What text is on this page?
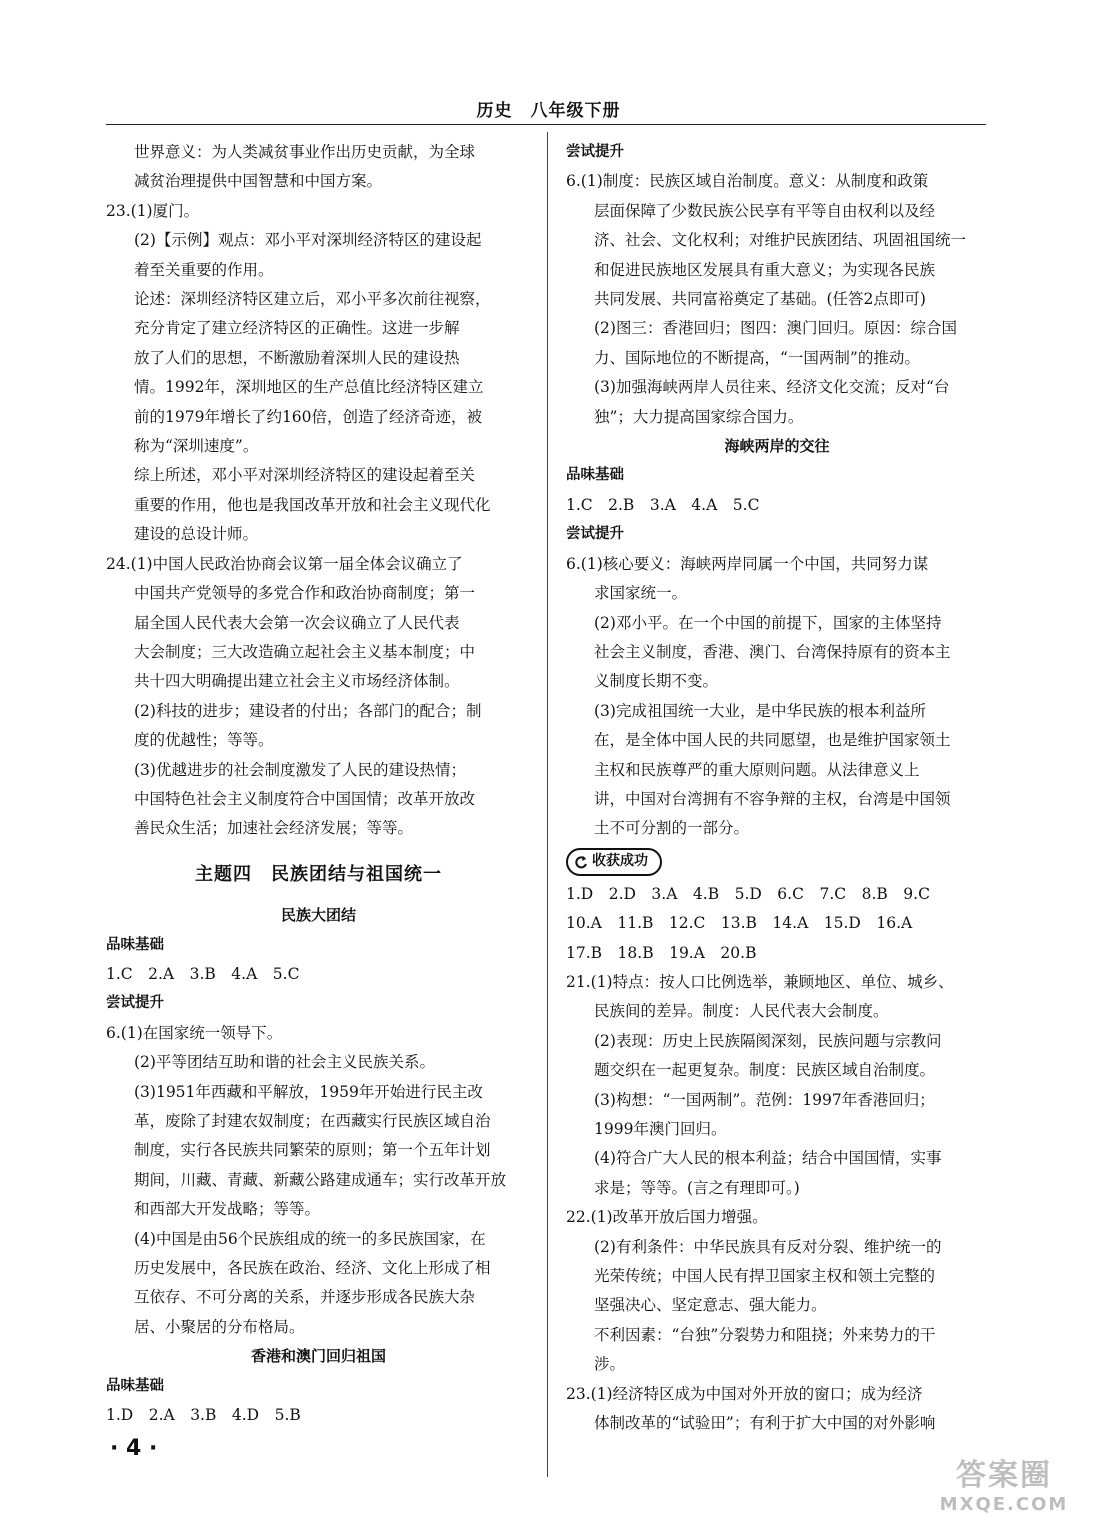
历史　八年级下册

世界意义：为人类减贫事业作出历史贡献，为全球

减贫治理提供中国智慧和中国方案。

23.(1)厦门。

(2)【示例】观点：邓小平对深圳经济特区的建设起

着至关重要的作用。

论述：深圳经济特区建立后，邓小平多次前往视察，

充分肯定了建立经济特区的正确性。这进一步解

放了人们的思想，不断激励着深圳人民的建设热

情。1992年，深圳地区的生产总值比经济特区建立

前的1979年增长了约160倍，创造了经济奇迹，被

称为“深圳速度”。

综上所述，邓小平对深圳经济特区的建设起着至关

重要的作用，他也是我国改革开放和社会主义现代化

建设的总设计师。

24.(1)中国人民政治协商会议第一届全体会议确立了

中国共产党领导的多党合作和政治协商制度；第一

届全国人民代表大会第一次会议确立了人民代表

大会制度；三大改造确立起社会主义基本制度；中

共十四大明确提出建立社会主义市场经济体制。

(2)科技的进步；建设者的付出；各部门的配合；制

度的优越性；等等。

(3)优越进步的社会制度激发了人民的建设热情；

中国特色社会主义制度符合中国国情；改革开放改

善民众生活；加速社会经济发展；等等。

主题四　民族团结与祖国统一

民族大团结

品味基础

1.C　2.A　3.B　4.A　5.C

尝试提升

6.(1)在国家统一领导下。

(2)平等团结互助和谐的社会主义民族关系。

(3)1951年西藏和平解放，1959年开始进行民主改

革，废除了封建农奴制度；在西藏实行民族区域自治

制度，实行各民族共同繁荣的原则；第一个五年计划

期间，川藏、青藏、新藏公路建成通车；实行改革开放

和西部大开发战略；等等。

(4)中国是由56个民族组成的统一的多民族国家，在

历史发展中，各民族在政治、经济、文化上形成了相

互依存、不可分离的关系，并逐步形成各民族大杂

居、小聚居的分布格局。

香港和澳门回归祖国

品味基础

1.D　2.A　3.B　4.D　5.B

尝试提升

6.(1)制度：民族区域自治制度。意义：从制度和政策

层面保障了少数民族公民享有平等自由权利以及经

济、社会、文化权利；对维护民族团结、巩固祖国统一

和促进民族地区发展具有重大意义；为实现各民族

共同发展、共同富裕奠定了基础。(任答2点即可)

(2)图三：香港回归；图四：澳门回归。原因：综合国

力、国际地位的不断提高，“一国两制”的推动。

(3)加强海峡两岸人员往来、经济文化交流；反对“台

独”；大力提高国家综合国力。

海峡两岸的交往

品味基础

1.C　2.B　3.A　4.A　5.C

尝试提升

6.(1)核心要义：海峡两岸同属一个中国，共同努力谋

求国家统一。

(2)邓小平。在一个中国的前提下，国家的主体坚持

社会主义制度，香港、澳门、台湾保持原有的资本主

义制度长期不变。

(3)完成祖国统一大业，是中华民族的根本利益所

在，是全体中国人民的共同愿望，也是维护国家领土

主权和民族尊严的重大原则问题。从法律意义上

讲，中国对台湾拥有不容争辩的主权，台湾是中国领

土不可分割的一部分。

收获成功

1.D　2.D　3.A　4.B　5.D　6.C　7.C　8.B　9.C

10.A　11.B　12.C　13.B　14.A　15.D　16.A

17.B　18.B　19.A　20.B

21.(1)特点：按人口比例选举，兼顾地区、单位、城乡、

民族间的差异。制度：人民代表大会制度。

(2)表现：历史上民族隔阂深刻，民族问题与宗教问

题交织在一起更复杂。制度：民族区域自治制度。

(3)构想：“一国两制”。范例：1997年香港回归；

1999年澳门回归。

(4)符合广大人民的根本利益；结合中国国情，实事

求是；等等。(言之有理即可。)

22.(1)改革开放后国力增强。

(2)有利条件：中华民族具有反对分裂、维护统一的

光荣传统；中国人民有捍卫国家主权和领土完整的

坚强决心、坚定意志、强大能力。

不利因素：“台独”分裂势力和阻挠；外来势力的干

涉。

23.(1)经济特区成为中国对外开放的窗口；成为经济

体制改革的“试验田”；有利于扩大中国的对外影响

· 4 ·
答案圈
MXQE.COM
